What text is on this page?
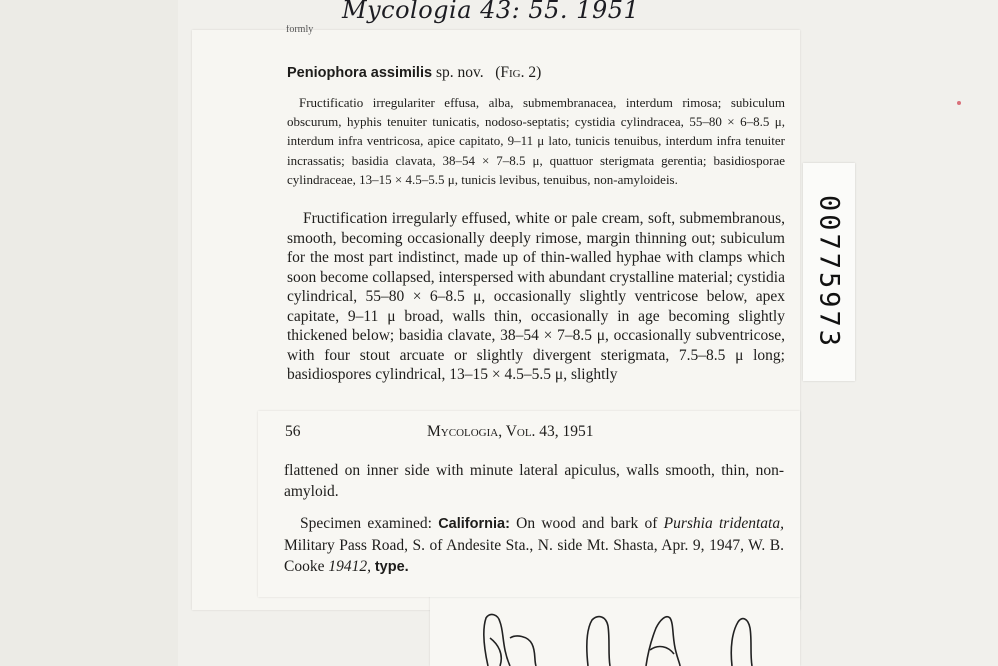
Mycologia 43: 55. 1951
formly
Peniophora assimilis sp. nov. (Fig. 2)

Fructificatio irregulariter effusa, alba, submembranacea, interdum rimosa; subiculum obscurum, hyphis tenuiter tunicatis, nodoso-septatis; cystidia cylindracea, 55–80 × 6–8.5 μ, interdum infra ventricosa, apice capitato, 9–11 μ lato, tunicis tenuibus, interdum infra tenuiter incrassatis; basidia clavata, 38–54 × 7–8.5 μ, quattuor sterigmata gerentia; basidiosporae cylindraceae, 13–15 × 4.5–5.5 μ, tunicis levibus, tenuibus, non-amyloideis.

Fructification irregularly effused, white or pale cream, soft, submembranous, smooth, becoming occasionally deeply rimose, margin thinning out; subiculum for the most part indistinct, made up of thin-walled hyphae with clamps which soon become collapsed, interspersed with abundant crystalline material; cystidia cylindrical, 55–80 × 6–8.5 μ, occasionally slightly ventricose below, apex capitate, 9–11 μ broad, walls thin, occasionally in age becoming slightly thickened below; basidia clavate, 38–54 × 7–8.5 μ, occasionally subventricose, with four stout arcuate or slightly divergent sterigmata, 7.5–8.5 μ long; basidiospores cylindrical, 13–15 × 4.5–5.5 μ, slightly

56	Mycologia, Vol. 43, 1951

flattened on inner side with minute lateral apiculus, walls smooth, thin, non-amyloid.

Specimen examined: California: On wood and bark of Purshia tridentata, Military Pass Road, S. of Andesite Sta., N. side Mt. Shasta, Apr. 9, 1947, W. B. Cooke 19412, type.

00775973
